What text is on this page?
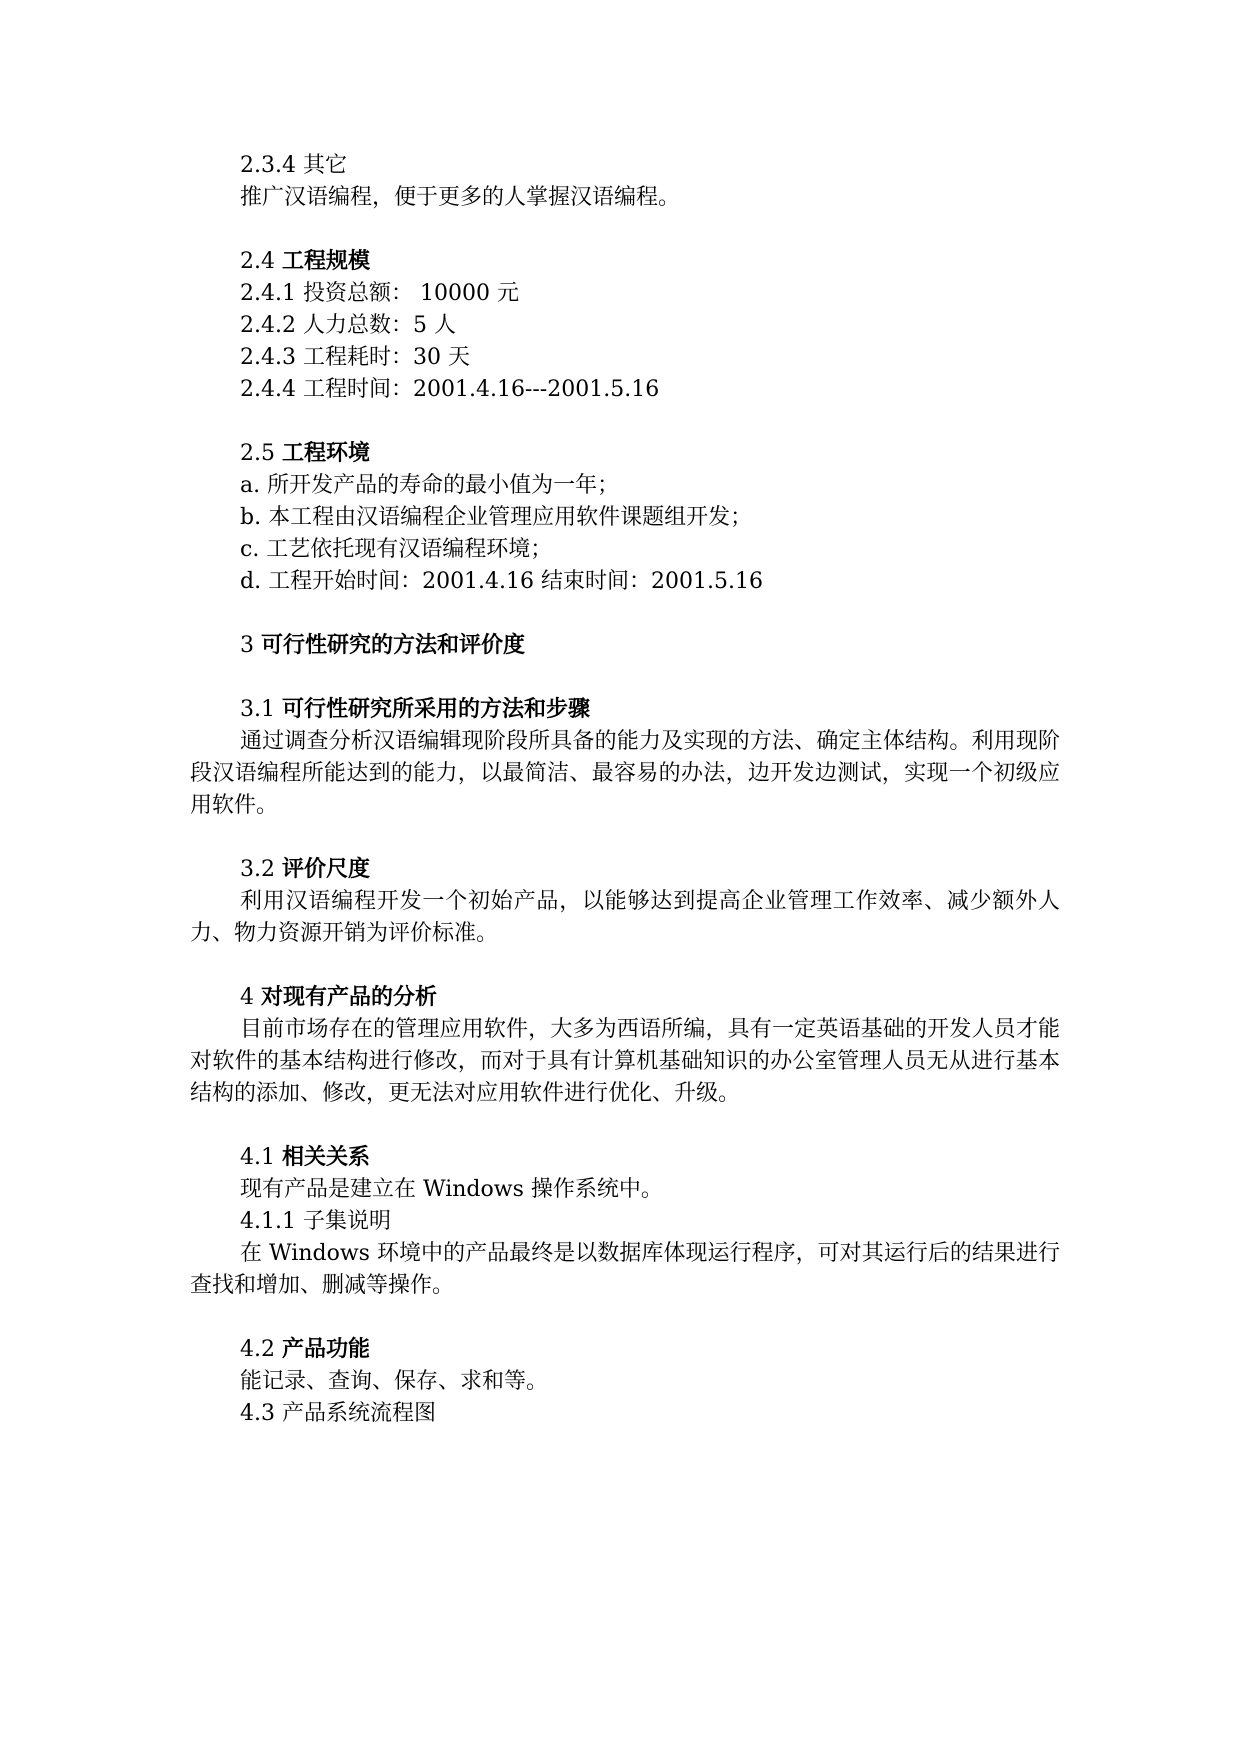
2.3.4 其它

推广汉语编程，便于更多的人掌握汉语编程。

2.4 工程规模

2.4.1 投资总额： 10000 元

2.4.2 人力总数：5 人

2.4.3 工程耗时：30 天

2.4.4 工程时间：2001.4.16---2001.5.16

2.5 工程环境

a. 所开发产品的寿命的最小值为一年；

b. 本工程由汉语编程企业管理应用软件课题组开发；

c. 工艺依托现有汉语编程环境；

d. 工程开始时间：2001.4.16 结束时间：2001.5.16

3 可行性研究的方法和评价度

3.1 可行性研究所采用的方法和步骤

通过调查分析汉语编辑现阶段所具备的能力及实现的方法、确定主体结构。利用现阶段汉语编程所能达到的能力，以最简洁、最容易的办法，边开发边测试，实现一个初级应用软件。

3.2 评价尺度

利用汉语编程开发一个初始产品，以能够达到提高企业管理工作效率、减少额外人力、物力资源开销为评价标准。

4 对现有产品的分析

目前市场存在的管理应用软件，大多为西语所编，具有一定英语基础的开发人员才能对软件的基本结构进行修改，而对于具有计算机基础知识的办公室管理人员无从进行基本结构的添加、修改，更无法对应用软件进行优化、升级。

4.1 相关关系

现有产品是建立在 Windows 操作系统中。

4.1.1 子集说明

在 Windows 环境中的产品最终是以数据库体现运行程序，可对其运行后的结果进行查找和增加、删减等操作。

4.2 产品功能

能记录、查询、保存、求和等。

4.3 产品系统流程图
